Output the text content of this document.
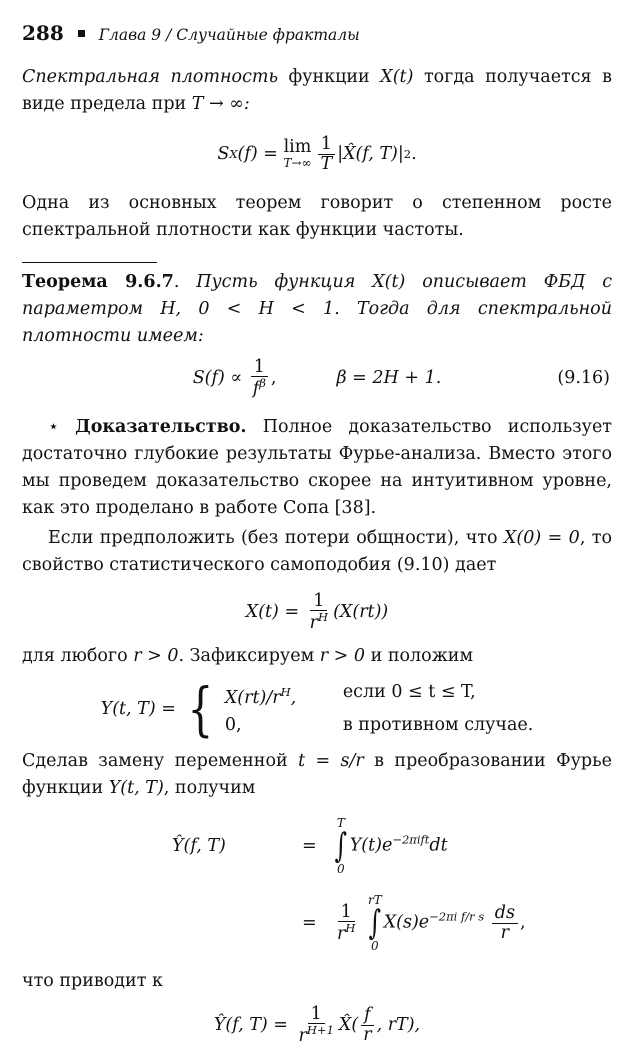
288 Глава 9 / Случайные фракталы

Спектральная плотность функции X(t) тогда получается в виде предела при T → ∞:

S X (f) = lim
$T\to\infty \frac{1}{T}$ |X̂(f, T)| 2 .

Одна из основных теорем говорит о степенном росте спектральной плотности как функции частоты.

Теорема 9.6.7. Пусть функция X(t) описывает ФБД с параметром H, 0 < H < 1. Тогда для спектральной плотности имеем:

$S(f) \propto \frac{1}{f^\beta}$ ,	β = 2H + 1.	(9.16)

⋆ Доказательство. Полное доказательство использует достаточно глубокие результаты Фурье-анализа. Вместо этого мы проведем доказательство скорее на интуитивном уровне, как это проделано в работе Сопа [38].

Если предположить (без потери общности), что X(0) = 0, то свойство статистического самоподобия (9.10) дает

$X(t) = \frac{1}{r^H} (X(rt))$

для любого r > 0. Зафиксируем r > 0 и положим

Y(t, T) = { $X(rt)/r^H$,	если 0 ≤ t ≤ T,
0,	в противном случае.

Сделав замену переменной t = s/r в преобразовании Фурье функции Y(t, T), получим

Ŷ(f, T)	=
T
∫
0
$Y(t)e^{-2\pi ift}dt$
= $\frac{1}{r^H}$

rT
∫
0
$X(s)e^{-2\pi i f/r s} \frac{ds}{r}$ ,

что приводит к

Ŷ(f, $T) = \frac{1}{r^{H+1}}$ X̂( $\frac{f}{r}$ , rT),
